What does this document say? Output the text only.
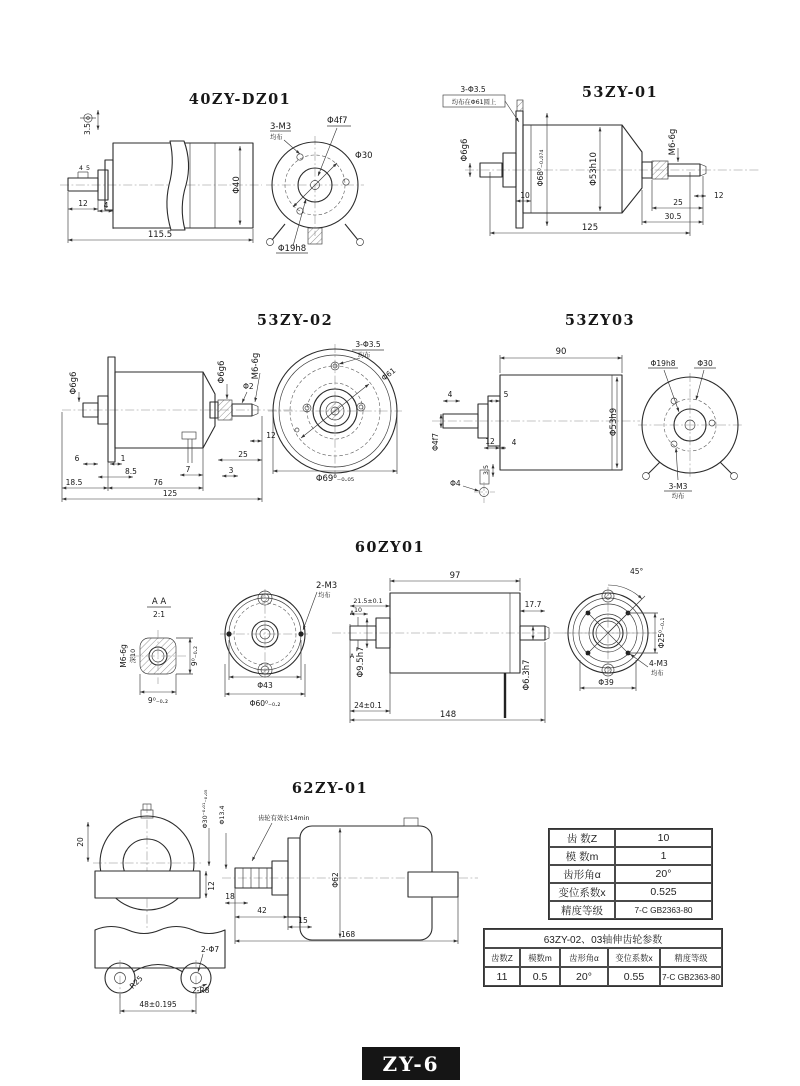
40ZY-DZ01
3.5
4 5
12 4
115.5
Φ40
3-M3
均布
Φ4f7
Φ30
Φ19h8
53ZY-01
3-Φ3.5
均布在Φ61圆上
Φ6g6	Φ68⁰₋₀.₀₇₄	Φ53h10
M6-6g
10	12
25
30.5
125
53ZY-02
Φ6g6	Φ6g6
Φ2
M6-6g
6	1
8.5	7	3
12
25
18.5	76
125
3-Φ3.5
均布
Φ61
Φ69⁰₋₀.₀₅
53ZY03
90
4	5
Φ4f7	12 4
3.5
Φ4
Φ53h9
Φ19h8	Φ30
3-M3
均布
60ZY01
A A
2:1
M6-6g 深10	9⁰₋₀.₂
9⁰₋₀.₂
2-M3
均布
Φ43
Φ60⁰₋₀.₂
97
21.5±0.1
10
A
A Φ9.5h7
17.7
Φ6.3h7
24±0.1
148
45°
Φ25⁰₋₀.₁
4-M3
均布
Φ39
62ZY-01
20
12
Φ30⁻⁰·⁰¹₋₀.₀₅ Φ13.4	齿轮有效长14min
Φ62
18
42
15
168
2-Φ7
R25	2-R8
48±0.195
齿 数Z	10
模 数m	1
齿形角α	20°
变位系数x	0.525
精度等级	7-C GB2363-80
63ZY-02、03轴伸齿轮参数
齿数Z	模数m	齿形角α	变位系数x	精度等级
11	0.5	20°	0.55	7-C GB2363-80
ZY-6
